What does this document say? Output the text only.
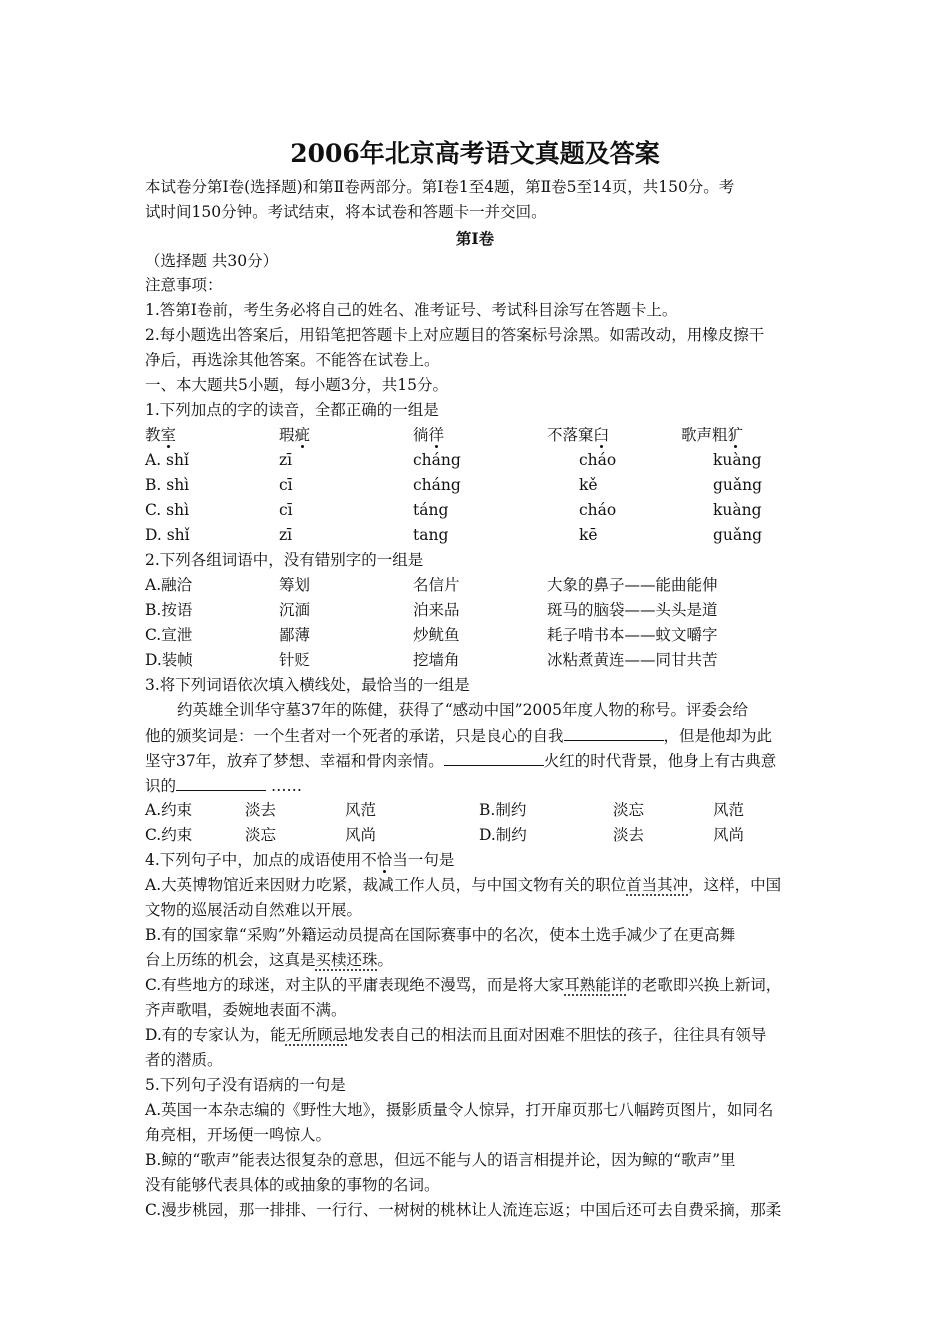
2006年北京高考语文真题及答案
本试卷分第Ⅰ卷(选择题)和第Ⅱ卷两部分。第Ⅰ卷1至4题，第Ⅱ卷5至14页，共150分。考
试时间150分钟。考试结束，将本试卷和答题卡一并交回。
第Ⅰ卷
（选择题 共30分）
注意事项：
1.答第Ⅰ卷前，考生务必将自己的姓名、准考证号、考试科目涂写在答题卡上。
2.每小题选出答案后，用铅笔把答题卡上对应题目的答案标号涂黑。如需改动，用橡皮擦干
净后，再选涂其他答案。不能答在试卷上。
一、本大题共5小题，每小题3分，共15分。
1.下列加点的字的读音，全都正确的一组是
教室	瑕疵	徜徉	不落窠臼	歌声粗犷
A. shǐ	zī	cháng	cháo	kuàng
B. shì	cī	cháng	kě	guǎng
C. shì	cī	táng	cháo	kuàng
D. shǐ	zī	tang	kē	guǎng
2.下列各组词语中，没有错别字的一组是
A.融洽	筹划	名信片	大象的鼻子——能曲能伸
B.按语	沉湎	泊来品	斑马的脑袋——头头是道
C.宣泄	鄙薄	炒鱿鱼	耗子啃书本——蚊文嚼字
D.装帧	针贬	挖墙角	冰粘煮黄连——同甘共苦
3.将下列词语依次填入横线处，最恰当的一组是
约英雄全训华守墓37年的陈健，获得了“感动中国”2005年度人物的称号。评委会给
他的颁奖词是：一个生者对一个死者的承诺，只是良心的自我	，但是他却为此
坚守37年，放弃了梦想、幸福和骨肉亲情。	火红的时代背景，他身上有古典意
识的	……
A.约束	淡去	风范	B.制约	淡忘	风范
C.约束	淡忘	风尚	D.制约	淡去	风尚
4.下列句子中，加点的成语使用不恰当一句是
A.大英博物馆近来因财力吃紧，裁减工作人员，与中国文物有关的职位首当其冲，这样，中国
文物的巡展活动自然难以开展。
B.有的国家靠“采购”外籍运动员提高在国际赛事中的名次，使本土选手减少了在更高舞
台上历练的机会，这真是买椟还珠。
C.有些地方的球迷，对主队的平庸表现绝不漫骂，而是将大家耳熟能详的老歌即兴换上新词，
齐声歌唱，委婉地表面不满。
D.有的专家认为，能无所顾忌地发表自己的相法而且面对困难不胆怯的孩子，往往具有领导
者的潜质。
5.下列句子没有语病的一句是
A.英国一本杂志编的《野性大地》，摄影质量令人惊异，打开扉页那七八幅跨页图片，如同名
角亮相，开场便一鸣惊人。
B.鲸的“歌声”能表达很复杂的意思，但远不能与人的语言相提并论，因为鲸的“歌声”里
没有能够代表具体的或抽象的事物的名词。
C.漫步桃园，那一排排、一行行、一树树的桃林让人流连忘返；中国后还可去自费采摘，那柔
